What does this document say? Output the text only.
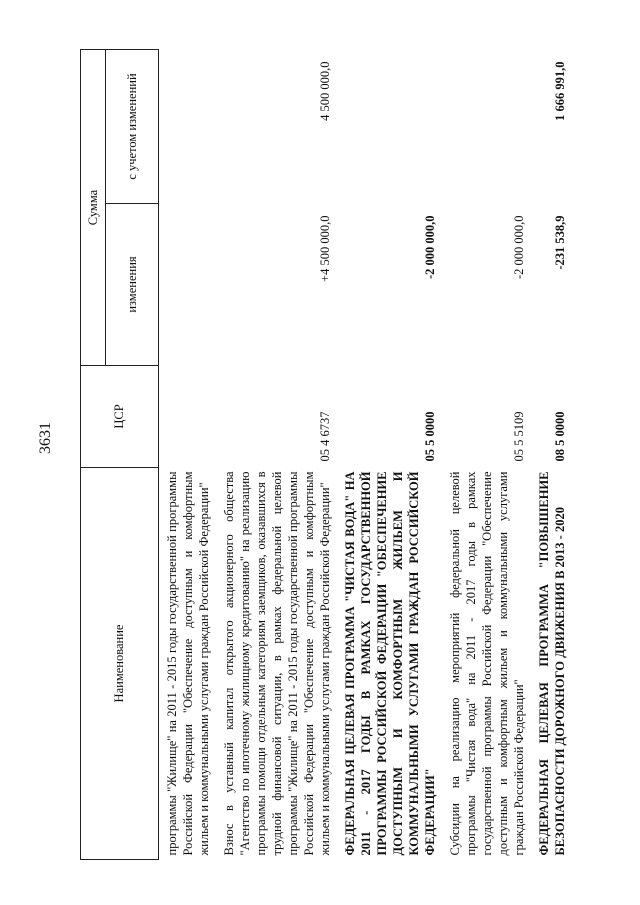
3631
Наименование	ЦСР	Сумма	
		изменения	с учетом изменений
программы "Жилище" на 2011 - 2015 годы государственной программы Российской Федерации "Обеспечение доступным и комфортным жильем и коммунальными услугами граждан Российской Федерации"			
Взнос в уставный капитал открытого акционерного общества "Агентство по ипотечному жилищному кредитованию" на реализацию программы помощи отдельным категориям заемщиков, оказавшихся в трудной финансовой ситуации, в рамках федеральной целевой программы "Жилище" на 2011 - 2015 годы государственной программы Российской Федерации "Обеспечение доступным и комфортным жильем и коммунальными услугами граждан Российской Федерации"	05 4 6737	+4 500 000,0	4 500 000,0
ФЕДЕРАЛЬНАЯ ЦЕЛЕВАЯ ПРОГРАММА "ЧИСТАЯ ВОДА" НА 2011 - 2017 ГОДЫ В РАМКАХ ГОСУДАРСТВЕННОЙ ПРОГРАММЫ РОССИЙСКОЙ ФЕДЕРАЦИИ "ОБЕСПЕЧЕНИЕ ДОСТУПНЫМ И КОМФОРТНЫМ ЖИЛЬЕМ И КОММУНАЛЬНЫМИ УСЛУГАМИ ГРАЖДАН РОССИЙСКОЙ ФЕДЕРАЦИИ"	05 5 0000	-2 000 000,0	
Субсидии на реализацию мероприятий федеральной целевой программы "Чистая вода" на 2011 - 2017 годы в рамках государственной программы Российской Федерации "Обеспечение доступным и комфортным жильем и коммунальными услугами граждан Российской Федерации"	05 5 5109	-2 000 000,0	
ФЕДЕРАЛЬНАЯ ЦЕЛЕВАЯ ПРОГРАММА "ПОВЫШЕНИЕ БЕЗОПАСНОСТИ ДОРОЖНОГО ДВИЖЕНИЯ В 2013 - 2020	08 5 0000	-231 538,9	1 666 991,0
